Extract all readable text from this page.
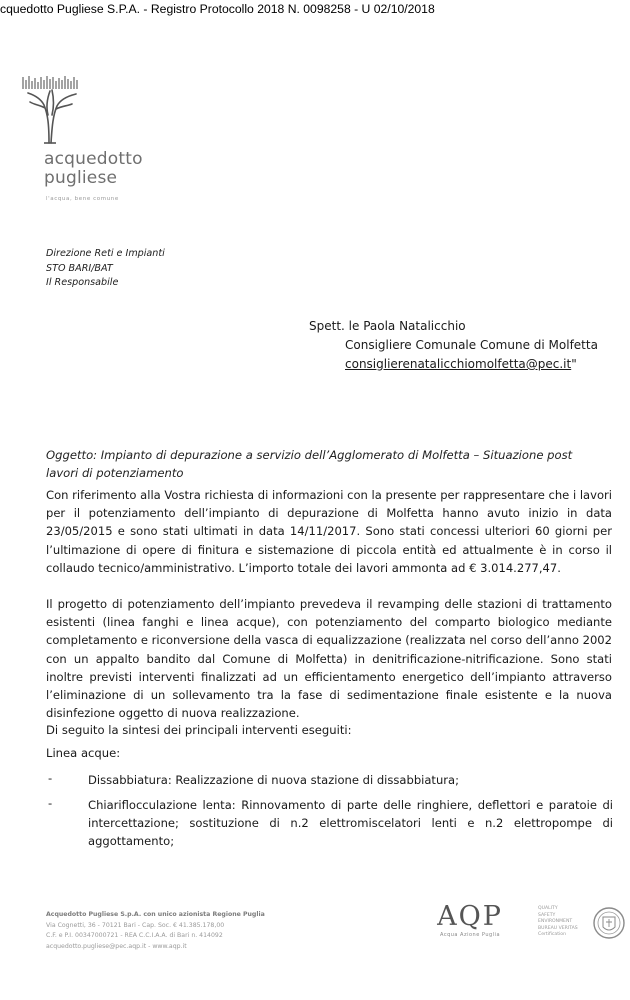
cquedotto Pugliese S.P.A. - Registro Protocollo 2018 N. 0098258 - U 02/10/2018
acquedotto
pugliese
l'acqua, bene comune
Direzione Reti e Impianti
STO BARI/BAT
Il Responsabile
Spett. le Paola Natalicchio
Consigliere Comunale Comune di Molfetta
consiglierenatalicchiomolfetta@pec.it"
Oggetto: Impianto di depurazione a servizio dell’Agglomerato di Molfetta – Situazione post lavori di potenziamento
Con riferimento alla Vostra richiesta di informazioni con la presente per rappresentare che i lavori per il potenziamento dell’impianto di depurazione di Molfetta hanno avuto inizio in data 23/05/2015 e sono stati ultimati in data 14/11/2017. Sono stati concessi ulteriori 60 giorni per l’ultimazione di opere di finitura e sistemazione di piccola entità ed attualmente è in corso il collaudo tecnico/amministrativo. L’importo totale dei lavori ammonta ad € 3.014.277,47.
Il progetto di potenziamento dell’impianto prevedeva il revamping delle stazioni di trattamento esistenti (linea fanghi e linea acque), con potenziamento del comparto biologico mediante completamento e riconversione della vasca di equalizzazione (realizzata nel corso dell’anno 2002 con un appalto bandito dal Comune di Molfetta) in denitrificazione-nitrificazione. Sono stati inoltre previsti interventi finalizzati ad un efficientamento energetico dell’impianto attraverso l’eliminazione di un sollevamento tra la fase di sedimentazione finale esistente e la nuova disinfezione oggetto di nuova realizzazione.
Di seguito la sintesi dei principali interventi eseguiti:
Linea acque:
-	Dissabbiatura: Realizzazione di nuova stazione di dissabbiatura;
-	Chiariflocculazione lenta: Rinnovamento di parte delle ringhiere, deflettori e paratoie di intercettazione; sostituzione di n.2 elettromiscelatori lenti e n.2 elettropompe di aggottamento;
Acquedotto Pugliese S.p.A. con unico azionista Regione Puglia
Via Cognetti, 36 - 70121 Bari - Cap. Soc. € 41.385.178,00
C.F. e P.I. 00347000721 - REA C.C.I.A.A. di Bari n. 414092
acquedotto.pugliese@pec.aqp.it - www.aqp.it
AQP
Acqua Azione Puglia
QUALITY
SAFETY
ENVIRONMENT
BUREAU VERITAS
Certification
